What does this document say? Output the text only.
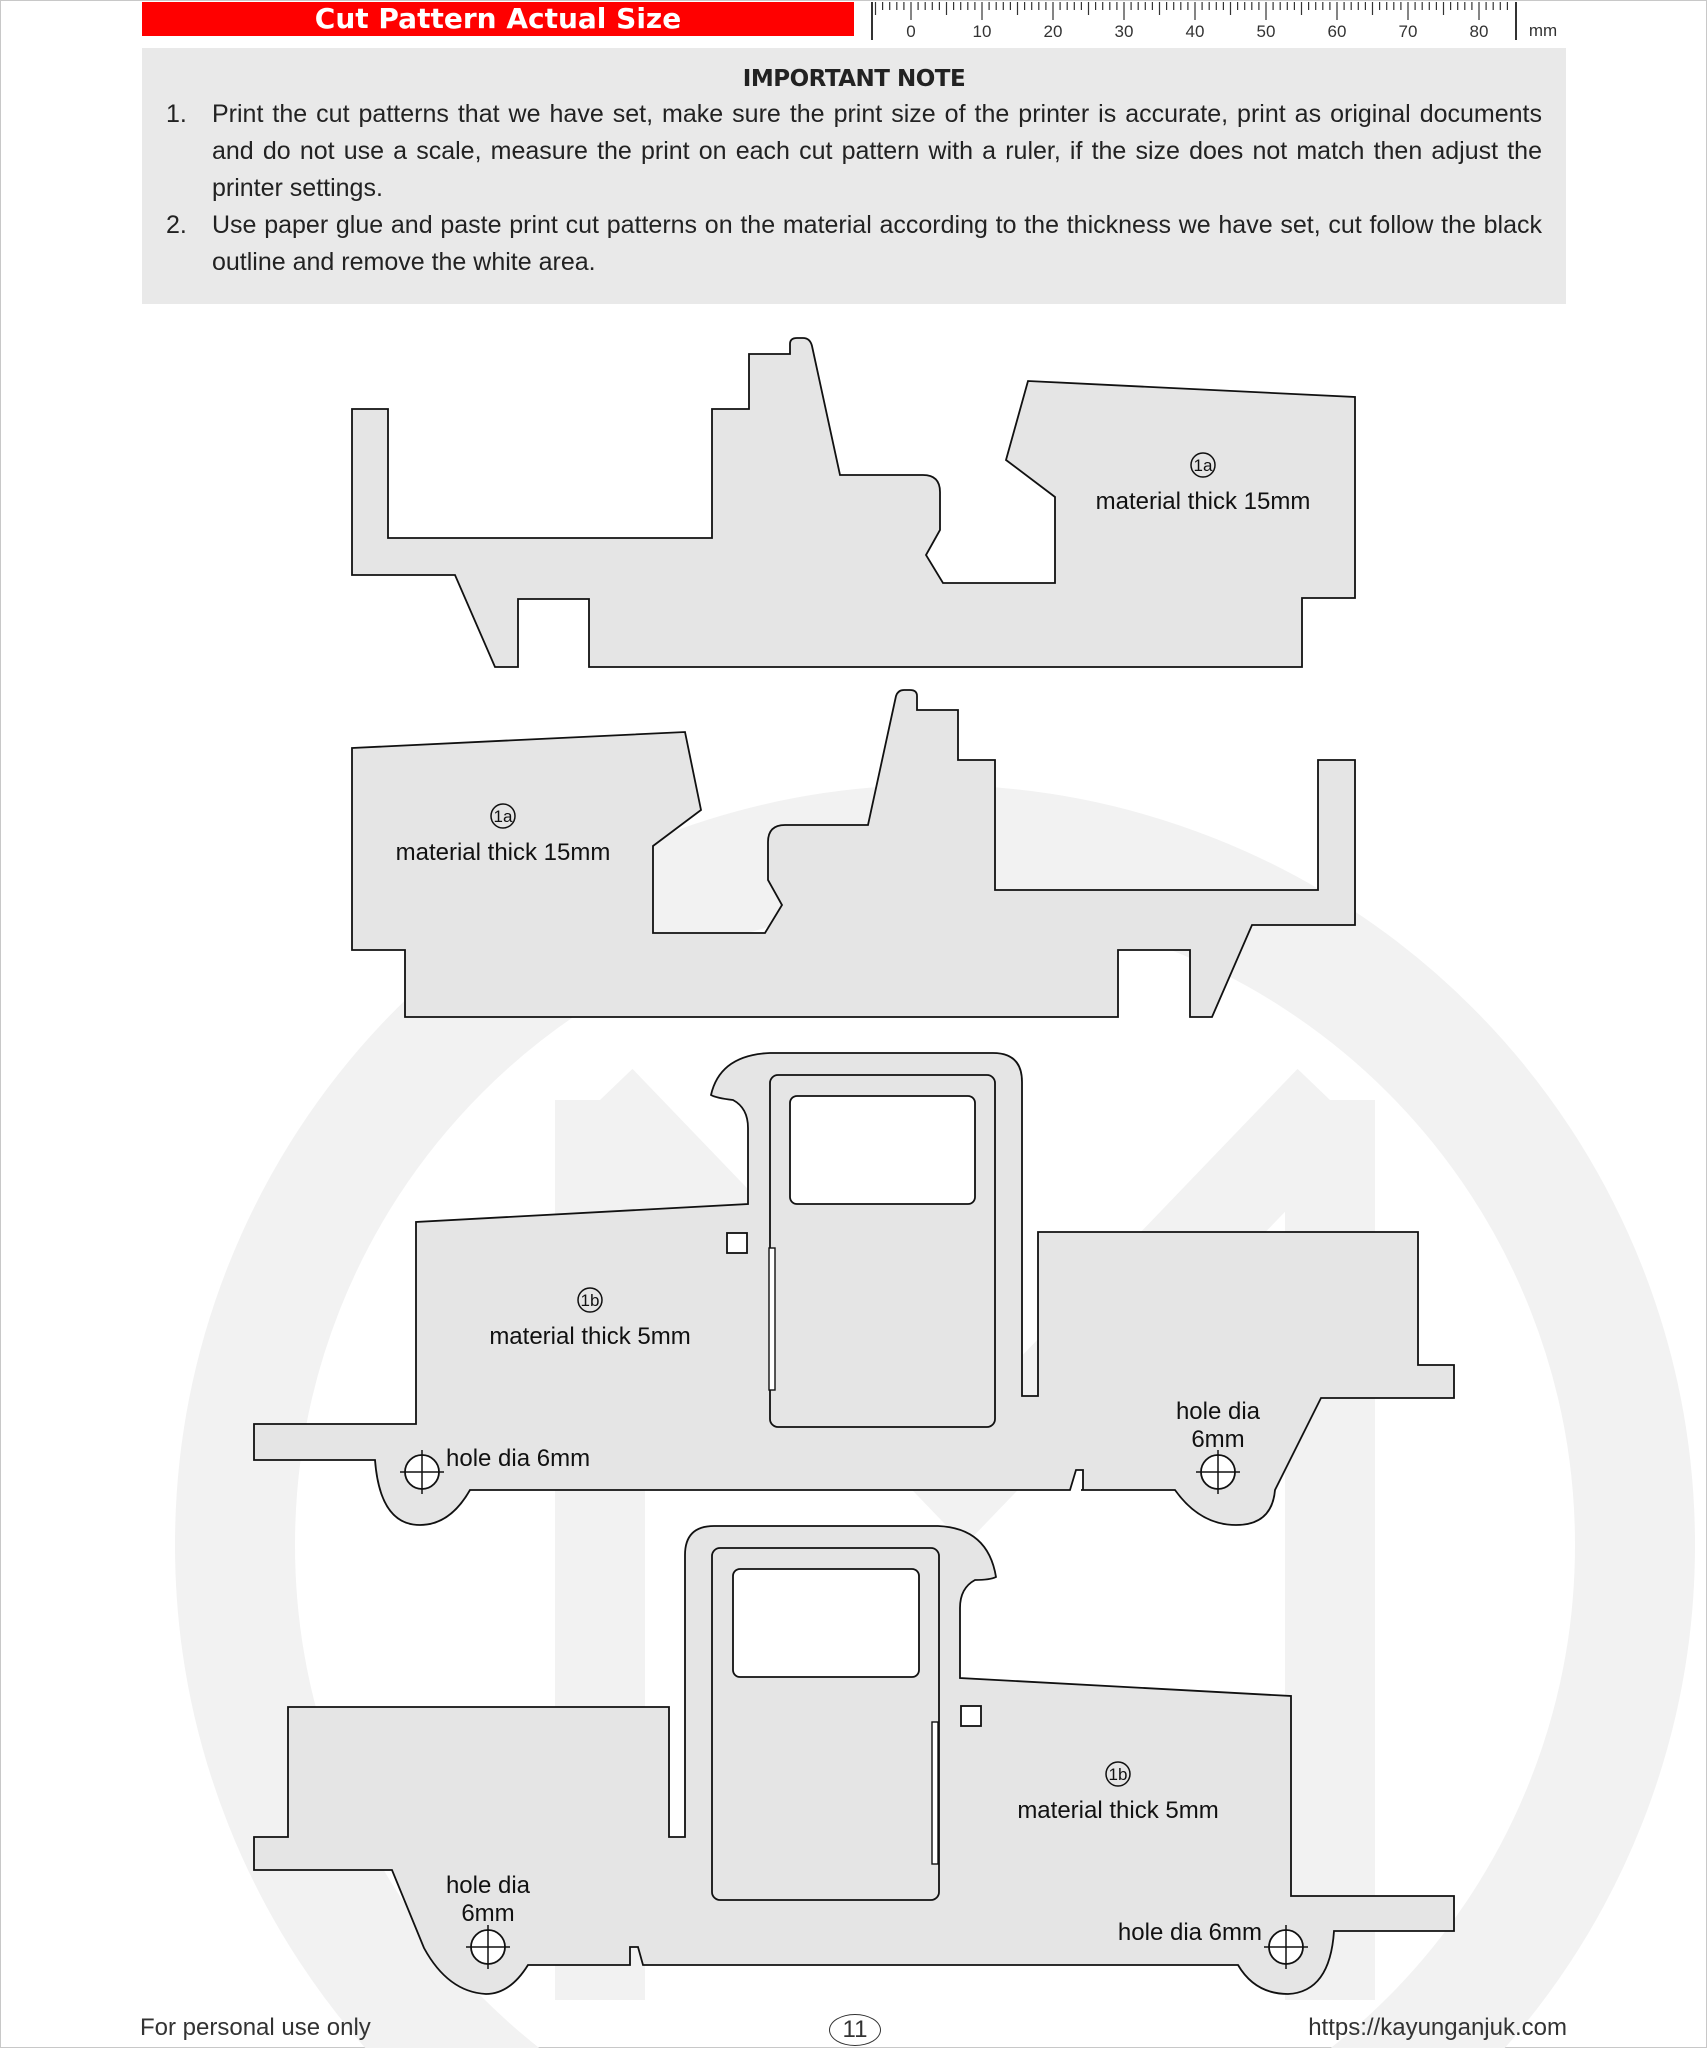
Cut Pattern Actual Size	0	10	20	30	40	50	60	70	80 mm
IMPORTANT NOTE
1. Print the cut patterns that we have set, make sure the print size of the printer is accurate, print as original documents and do not use a scale, measure the print on each cut pattern with a ruler, if the size does not match then adjust the printer settings.
2. Use paper glue and paste print cut patterns on the material according to the thickness we have set, cut follow the black outline and remove the white area.
1a
material thick 15mm
1a
material thick 15mm
1b
material thick 5mm
hole dia 6mm
hole dia
6mm
1b
material thick 5mm
hole dia
6mm
hole dia 6mm
For personal use only	11	https://kayunganjuk.com
